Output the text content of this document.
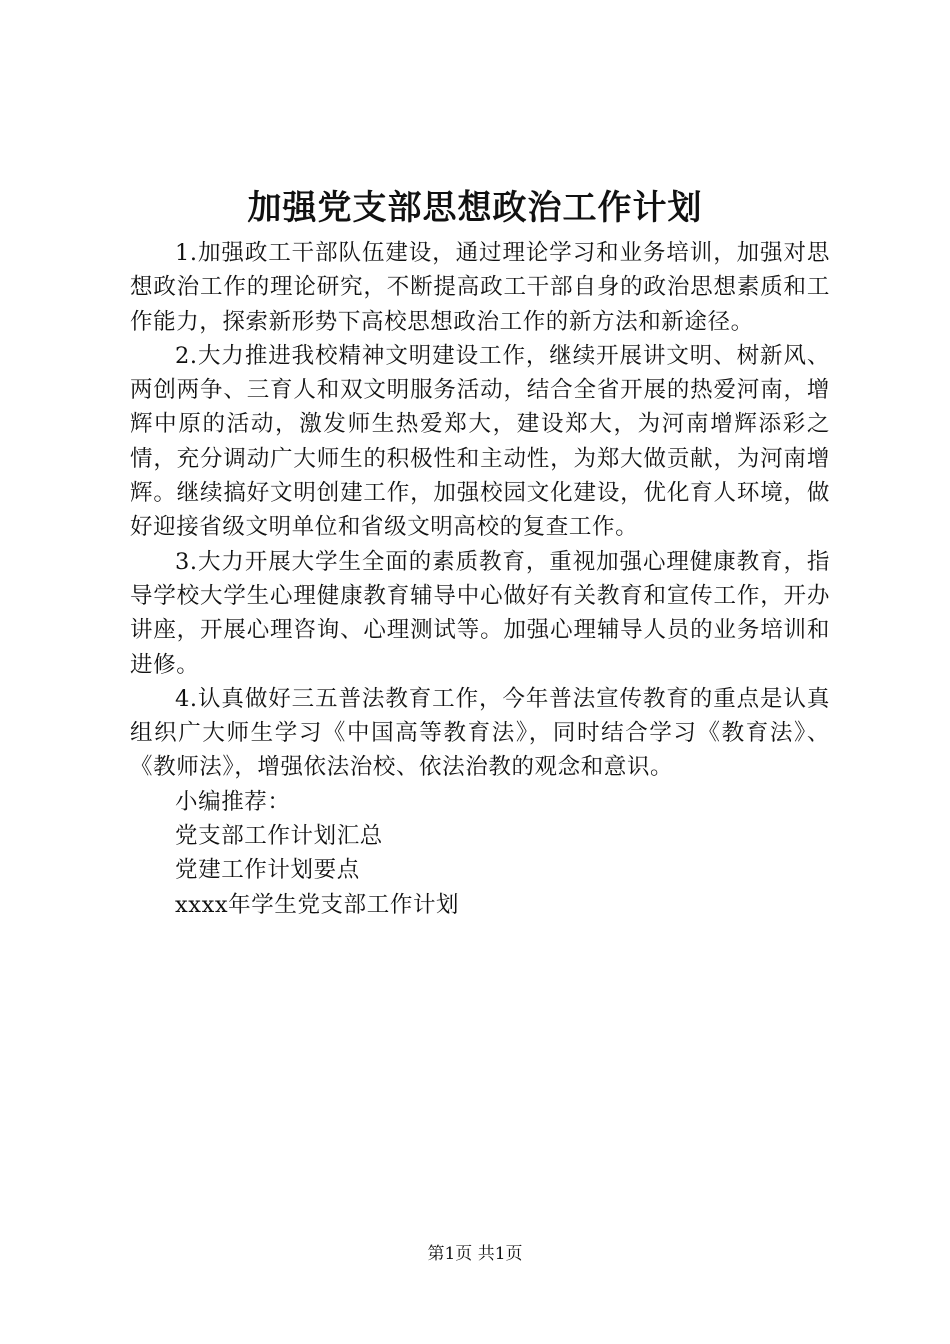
加强党支部思想政治工作计划

1.加强政工干部队伍建设，通过理论学习和业务培训，加强对思想政治工作的理论研究，不断提高政工干部自身的政治思想素质和工作能力，探索新形势下高校思想政治工作的新方法和新途径。

2.大力推进我校精神文明建设工作，继续开展讲文明、树新风、两创两争、三育人和双文明服务活动，结合全省开展的热爱河南，增辉中原的活动，激发师生热爱郑大，建设郑大，为河南增辉添彩之情，充分调动广大师生的积极性和主动性，为郑大做贡献，为河南增辉。继续搞好文明创建工作，加强校园文化建设，优化育人环境，做好迎接省级文明单位和省级文明高校的复查工作。

3.大力开展大学生全面的素质教育，重视加强心理健康教育，指导学校大学生心理健康教育辅导中心做好有关教育和宣传工作，开办讲座，开展心理咨询、心理测试等。加强心理辅导人员的业务培训和进修。

4.认真做好三五普法教育工作，今年普法宣传教育的重点是认真组织广大师生学习《中国高等教育法》，同时结合学习《教育法》、《教师法》，增强依法治校、依法治教的观念和意识。

小编推荐：

党支部工作计划汇总

党建工作计划要点

xxxx年学生党支部工作计划

第1页 共1页
